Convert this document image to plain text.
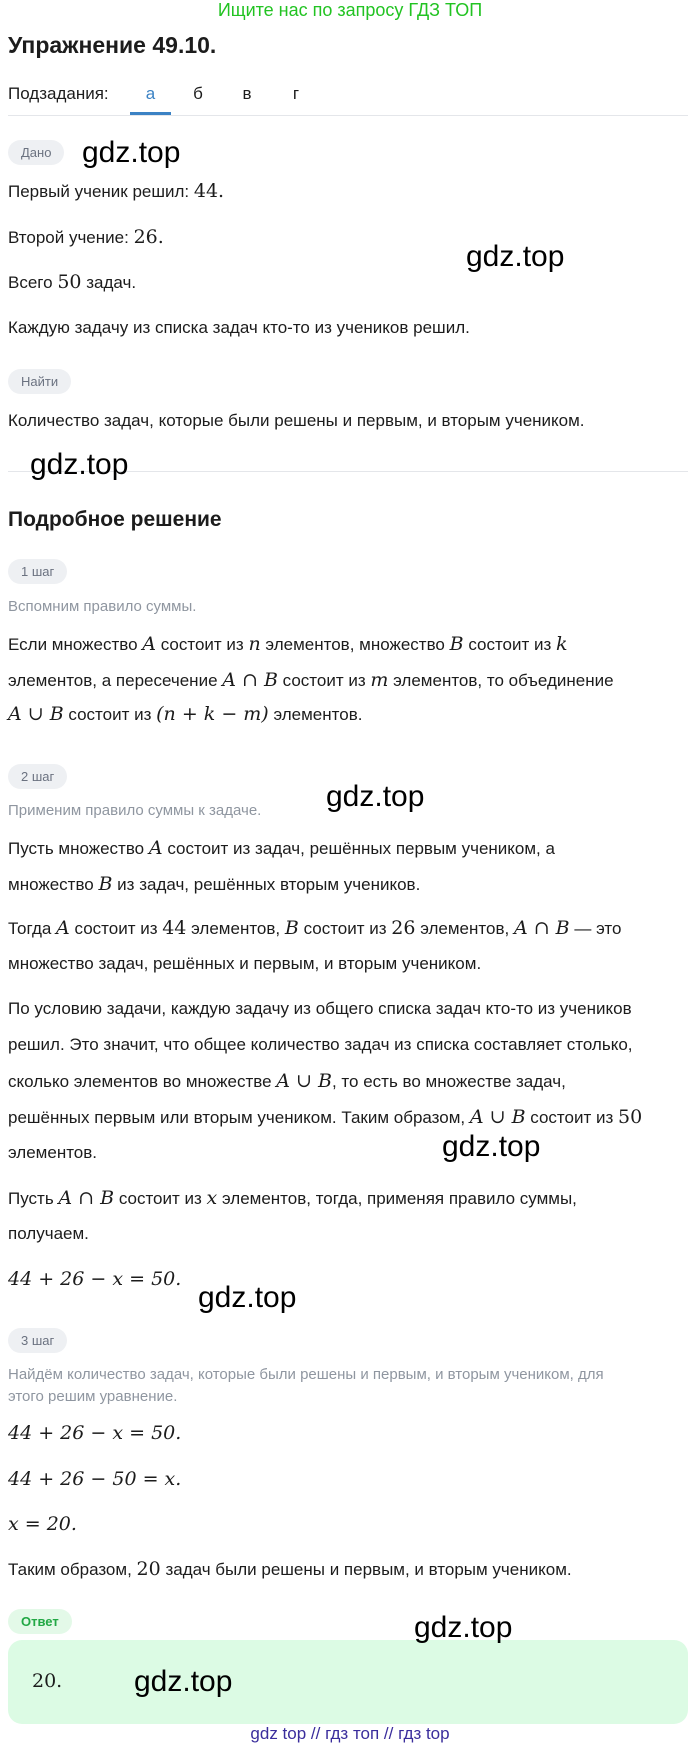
Ищите нас по запросу ГДЗ ТОП
Упражнение 49.10.
Подзадания:	а	б	в	г
Дано
Первый ученик решил: 44.
Второй учение: 26.
Всего 50 задач.
Каждую задачу из списка задач кто-то из учеников решил.
Найти
Количество задач, которые были решены и первым, и вторым учеником.
Подробное решение
1 шаг
Вспомним правило суммы.
Если множество A состоит из n элементов, множество B состоит из k
элементов, а пересечение A ∩ B состоит из m элементов, то объединение
A ∪ B состоит из (n + k − m) элементов.
2 шаг
Применим правило суммы к задаче.
Пусть множество A состоит из задач, решённых первым учеником, а
множество B из задач, решённых вторым учеников.
Тогда A состоит из 44 элементов, B состоит из 26 элементов, A ∩ B — это
множество задач, решённых и первым, и вторым учеником.
По условию задачи, каждую задачу из общего списка задач кто-то из учеников
решил. Это значит, что общее количество задач из списка составляет столько,
сколько элементов во множестве A ∪ B, то есть во множестве задач,
решённых первым или вторым учеником. Таким образом, A ∪ B состоит из 50
элементов.
Пусть A ∩ B состоит из x элементов, тогда, применяя правило суммы,
получаем.
44 + 26 − x = 50.
3 шаг
Найдём количество задач, которые были решены и первым, и вторым учеником, для
этого решим уравнение.
44 + 26 − x = 50.
44 + 26 − 50 = x.
x = 20.
Таким образом, 20 задач были решены и первым, и вторым учеником.
Ответ
20.
gdz.top
gdz.top
gdz.top
gdz.top
gdz.top
gdz.top
gdz.top
gdz.top
gdz top // гдз топ // гдз top
